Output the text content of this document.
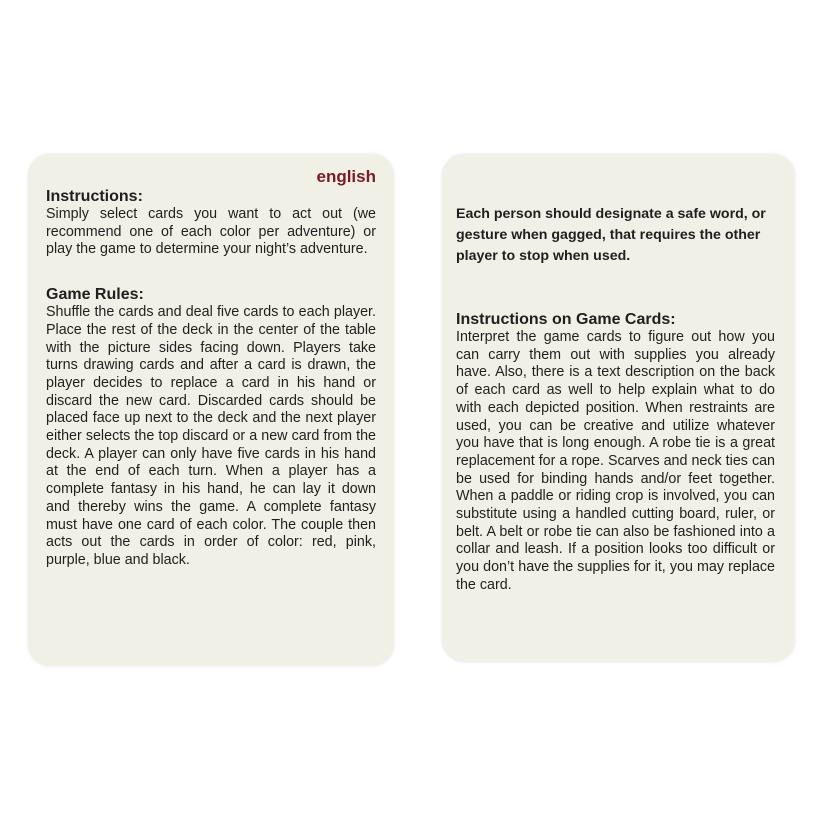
english

Instructions:

Simply select cards you want to act out (we recommend one of each color per adventure) or play the game to determine your night’s adventure.

Game Rules:

Shuffle the cards and deal five cards to each player. Place the rest of the deck in the center of the table with the picture sides facing down. Players take turns drawing cards and after a card is drawn, the player decides to replace a card in his hand or discard the new card. Discarded cards should be placed face up next to the deck and the next player either selects the top discard or a new card from the deck. A player can only have five cards in his hand at the end of each turn. When a player has a complete fantasy in his hand, he can lay it down and thereby wins the game. A complete fantasy must have one card of each color. The couple then acts out the cards in order of color: red, pink, purple, blue and black.

Each person should designate a safe word, or gesture when gagged, that requires the other player to stop when used.

Instructions on Game Cards:

Interpret the game cards to figure out how you can carry them out with supplies you already have. Also, there is a text description on the back of each card as well to help explain what to do with each depicted position. When restraints are used, you can be creative and utilize whatever you have that is long enough. A robe tie is a great replacement for a rope. Scarves and neck ties can be used for binding hands and/or feet together. When a paddle or riding crop is involved, you can substitute using a handled cutting board, ruler, or belt. A belt or robe tie can also be fashioned into a collar and leash. If a position looks too difficult or you don’t have the supplies for it, you may replace the card.
